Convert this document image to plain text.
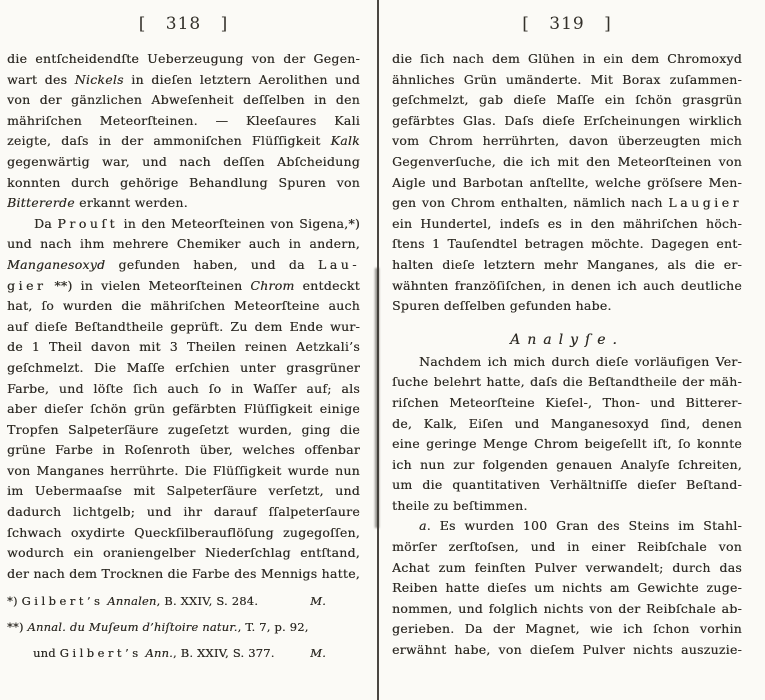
[ 318 ]
die entſcheidendſte Ueberzeugung von der Gegen-
wart des Nickels in dieſen letztern Aerolithen und
von der gänzlichen Abweſenheit deſſelben in den
mähriſchen Meteorſteinen. — Kleeſaures Kali
zeigte, daſs in der ammoniſchen Flüſſigkeit Kalk
gegenwärtig war, und nach deſſen Abſcheidung
konnten durch gehörige Behandlung Spuren von
Bittererde erkannt werden.
Da Prouſt in den Meteorſteinen von Sigena,*)
und nach ihm mehrere Chemiker auch in andern,
Manganesoxyd gefunden haben, und da Lau-
gier **) in vielen Meteorſteinen Chrom entdeckt
hat, ſo wurden die mähriſchen Meteorſteine auch
auf dieſe Beſtandtheile geprüft. Zu dem Ende wur-
de 1 Theil davon mit 3 Theilen reinen Aetzkali’s
geſchmelzt. Die Maſſe erſchien unter grasgrüner
Farbe, und löſte ſich auch ſo in Waſſer auf; als
aber dieſer ſchön grün gefärbten Flüſſigkeit einige
Tropfen Salpeterſäure zugeſetzt wurden, ging die
grüne Farbe in Roſenroth über, welches offenbar
von Manganes herrührte. Die Flüſſigkeit wurde nun
im Uebermaaſse mit Salpeterſäure verſetzt, und
dadurch lichtgelb; und ihr darauf ſſalpeterſaure
ſchwach oxydirte Queckſilberauflöſung zugegoſſen,
wodurch ein oraniengelber Niederſchlag entſtand,
der nach dem Trocknen die Farbe des Mennigs hatte,
*) Gilbert’s Annalen, B. XXIV, S. 284.	M.
**) Annal. du Muſeum d’hiſtoire natur., T. 7, p. 92,
und Gilbert’s Ann., B. XXIV, S. 377.	M.
[ 319 ]
die ſich nach dem Glühen in ein dem Chromoxyd
ähnliches Grün umänderte. Mit Borax zuſammen-
geſchmelzt, gab dieſe Maſſe ein ſchön grasgrün
gefärbtes Glas. Daſs dieſe Erſcheinungen wirklich
vom Chrom herrührten, davon überzeugten mich
Gegenverſuche, die ich mit den Meteorſteinen von
Aigle und Barbotan anſtellte, welche gröſsere Men-
gen von Chrom enthalten, nämlich nach Laugier
ein Hundertel, indeſs es in den mähriſchen höch-
ſtens 1 Tauſendtel betragen möchte. Dagegen ent-
halten dieſe letztern mehr Manganes, als die er-
wähnten franzöſiſchen, in denen ich auch deutliche
Spuren deſſelben gefunden habe.
Analyſe.
Nachdem ich mich durch dieſe vorläufigen Ver-
ſuche belehrt hatte, daſs die Beſtandtheile der mäh-
riſchen Meteorſteine Kieſel-, Thon- und Bitterer-
de, Kalk, Eiſen und Manganesoxyd ſind, denen
eine geringe Menge Chrom beigeſellt iſt, ſo konnte
ich nun zur folgenden genauen Analyſe ſchreiten,
um die quantitativen Verhältniſſe dieſer Beſtand-
theile zu beſtimmen.
a. Es wurden 100 Gran des Steins im Stahl-
mörſer zerſtoſsen, und in einer Reibſchale von
Achat zum feinſten Pulver verwandelt; durch das
Reiben hatte dieſes um nichts am Gewichte zuge-
nommen, und folglich nichts von der Reibſchale ab-
gerieben. Da der Magnet, wie ich ſchon vorhin
erwähnt habe, von dieſem Pulver nichts auszuzie-
